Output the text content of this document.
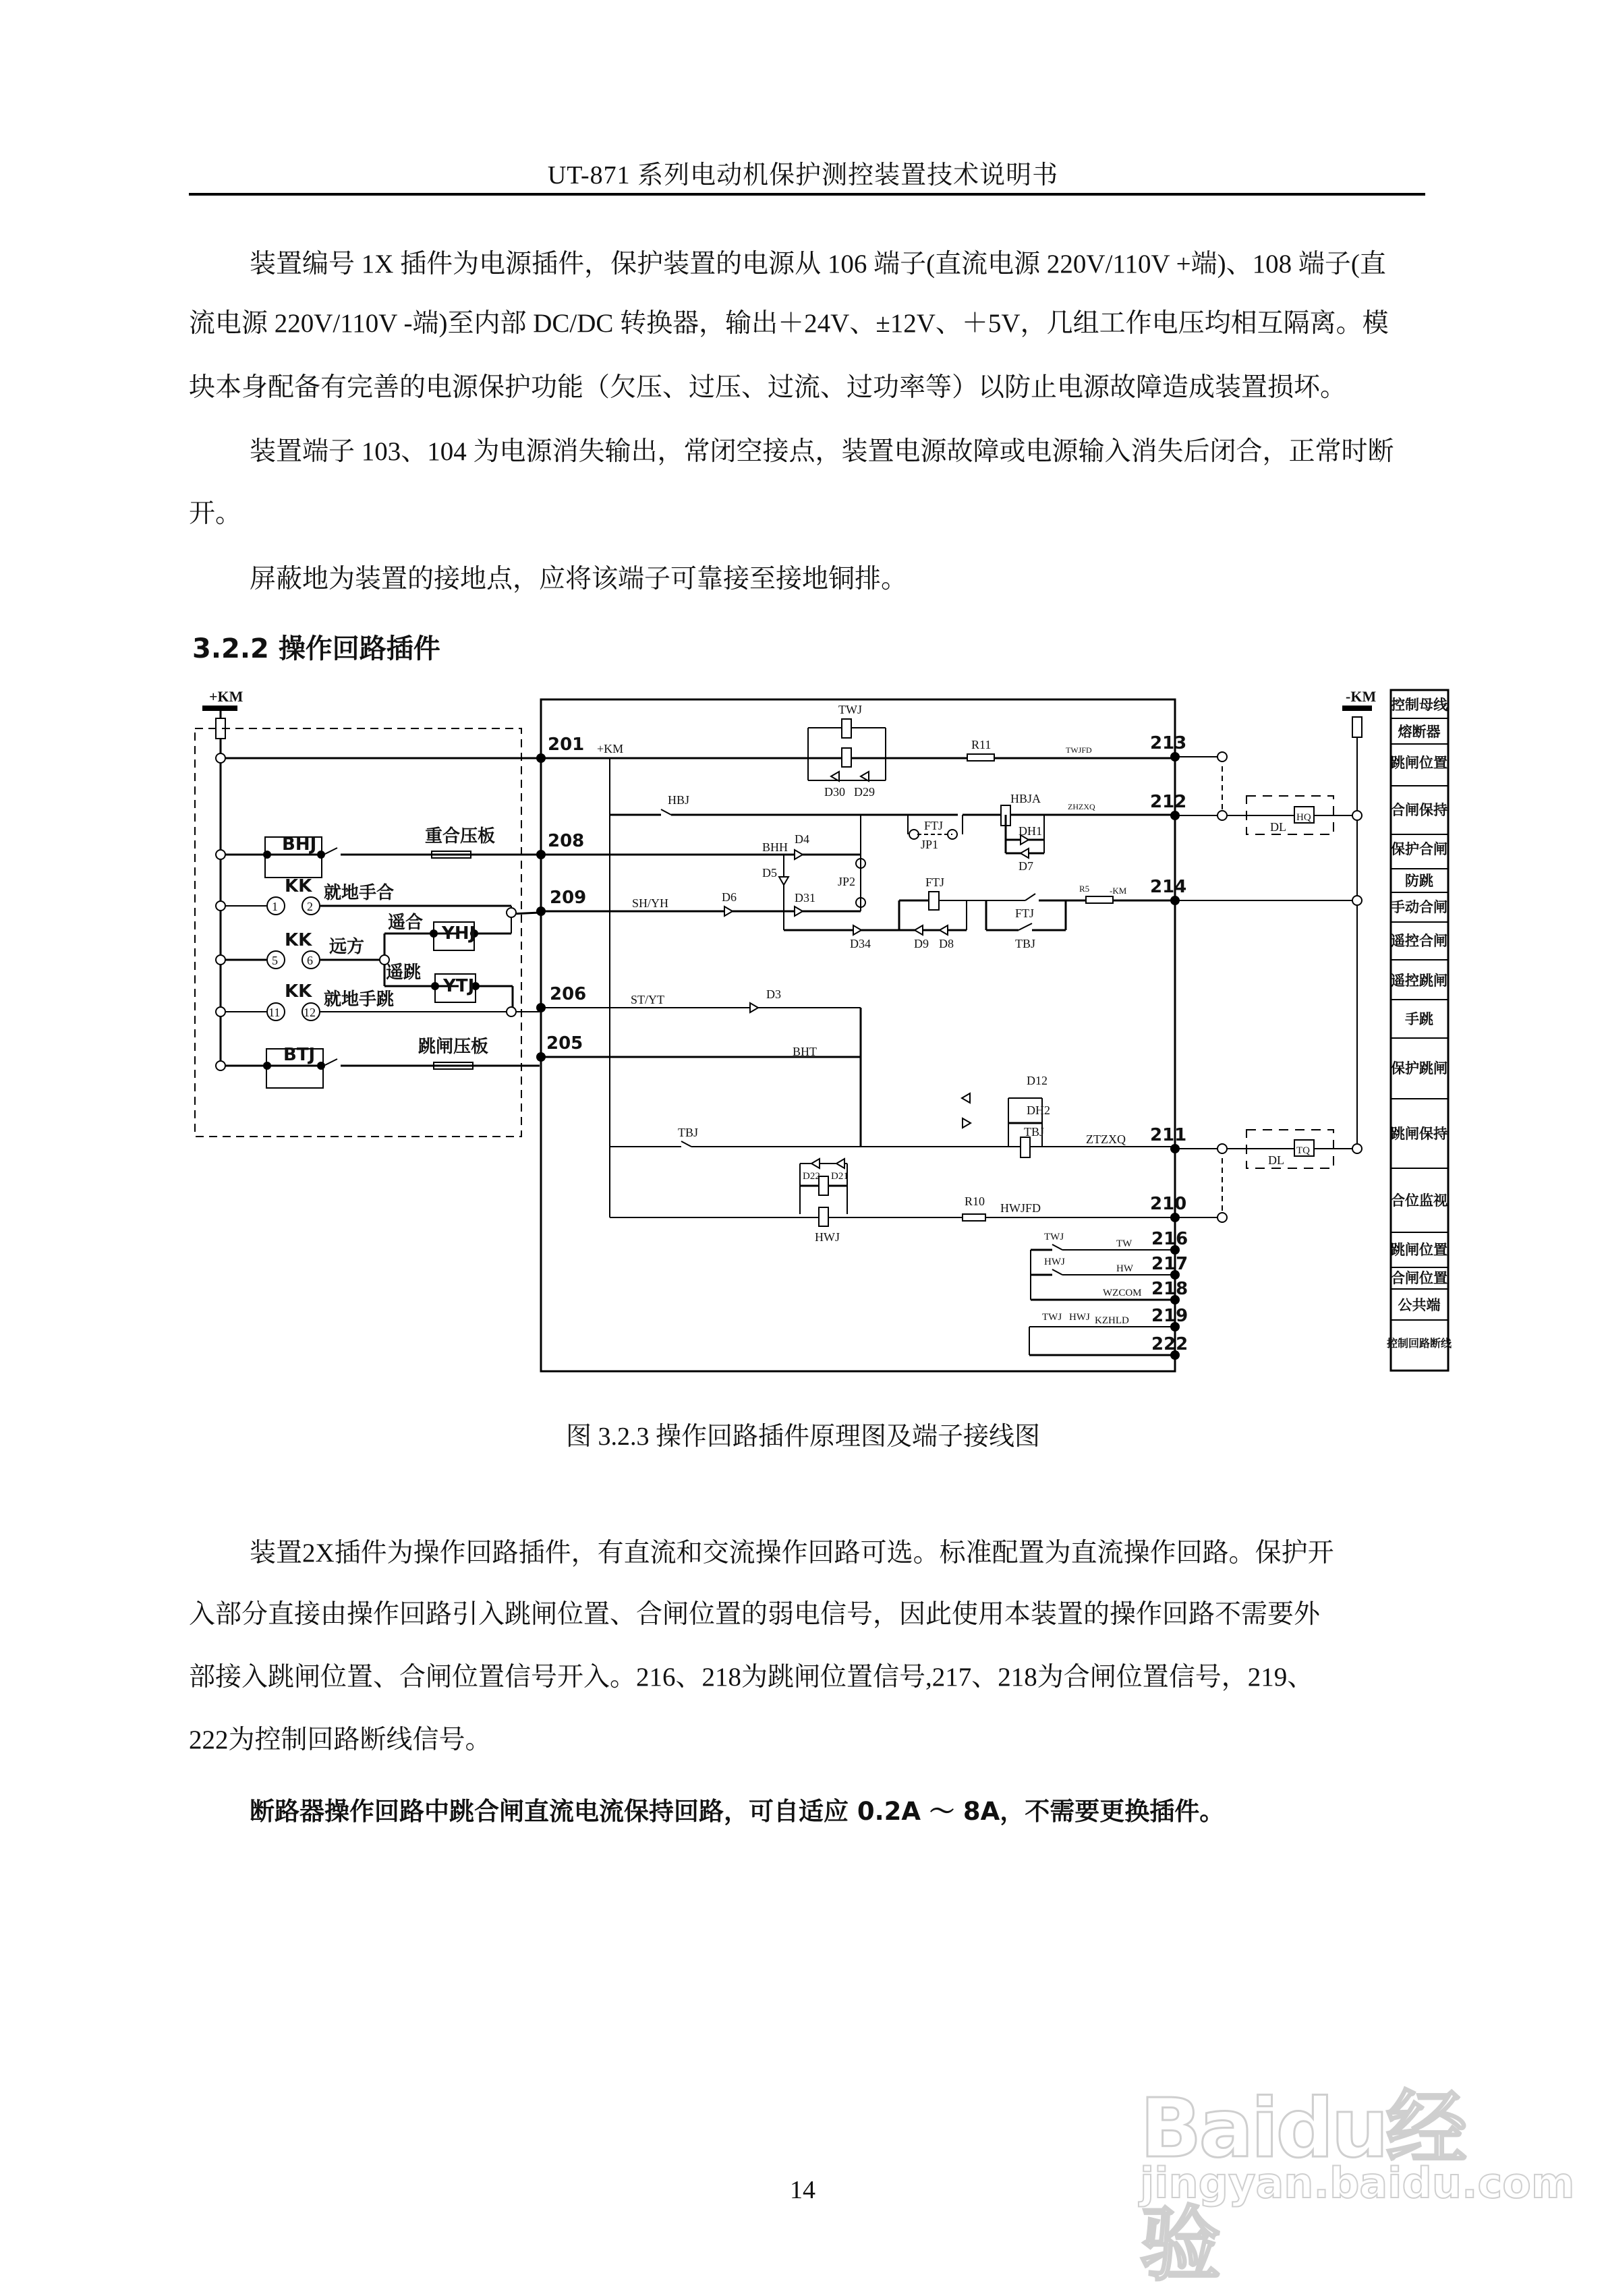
UT-871 系列电动机保护测控装置技术说明书
装置编号 1X 插件为电源插件，保护装置的电源从 106 端子(直流电源 220V/110V +端)、108 端子(直
流电源 220V/110V -端)至内部 DC/DC 转换器，输出＋24V、±12V、＋5V，几组工作电压均相互隔离。模
块本身配备有完善的电源保护功能（欠压、过压、过流、过功率等）以防止电源故障造成装置损坏。
装置端子 103、104 为电源消失输出，常闭空接点，装置电源故障或电源输入消失后闭合，正常时断
开。
屏蔽地为装置的接地点，应将该端子可靠接至接地铜排。
3.2.2 操作回路插件
+KM	-KM
201
208
209
206
205
213
212
214
211
210
216
217
218
219
222
BHJ	重合压板
KK 就地手合
1 2
遥合
YHJ
KK 远方
5 6
遥跳
YTJ
KK 就地手跳
11 12
BTJ	跳闸压板
+KM
TWJ
D30 D29
R11	TWJFD
HBJ
FTJ
JP1
HBJA
DH1
D7
ZHZXQ
BHH
D4
D5
JP2
SH/YH	D6	D31
D34
FTJ
D9 D8
FTJ
TBJ
R5 -KM
ST/YT	D3
BHT
TBJ
D12
DH2
TBJ
ZTZXQ
D22 D21
HWJ
R10 HWJFD
TWJ
TW
HWJ
HW
WZCOM
TWJ HWJ KZHLD
DL
HQ
DL
TQ
控制母线
熔断器
跳闸位置
合闸保持
保护合闸
防跳
手动合闸
遥控合闸
遥控跳闸
手跳
保护跳闸
跳闸保持
合位监视
跳闸位置
合闸位置
公共端
控制回路断线
图 3.2.3 操作回路插件原理图及端子接线图
装置2X插件为操作回路插件，有直流和交流操作回路可选。标准配置为直流操作回路。保护开
入部分直接由操作回路引入跳闸位置、合闸位置的弱电信号，因此使用本装置的操作回路不需要外
部接入跳闸位置、合闸位置信号开入。216、218为跳闸位置信号,217、218为合闸位置信号，219、
222为控制回路断线信号。
断路器操作回路中跳合闸直流电流保持回路，可自适应 0.2A ～ 8A，不需要更换插件。
14
Baidu经验
jingyan.baidu.com
